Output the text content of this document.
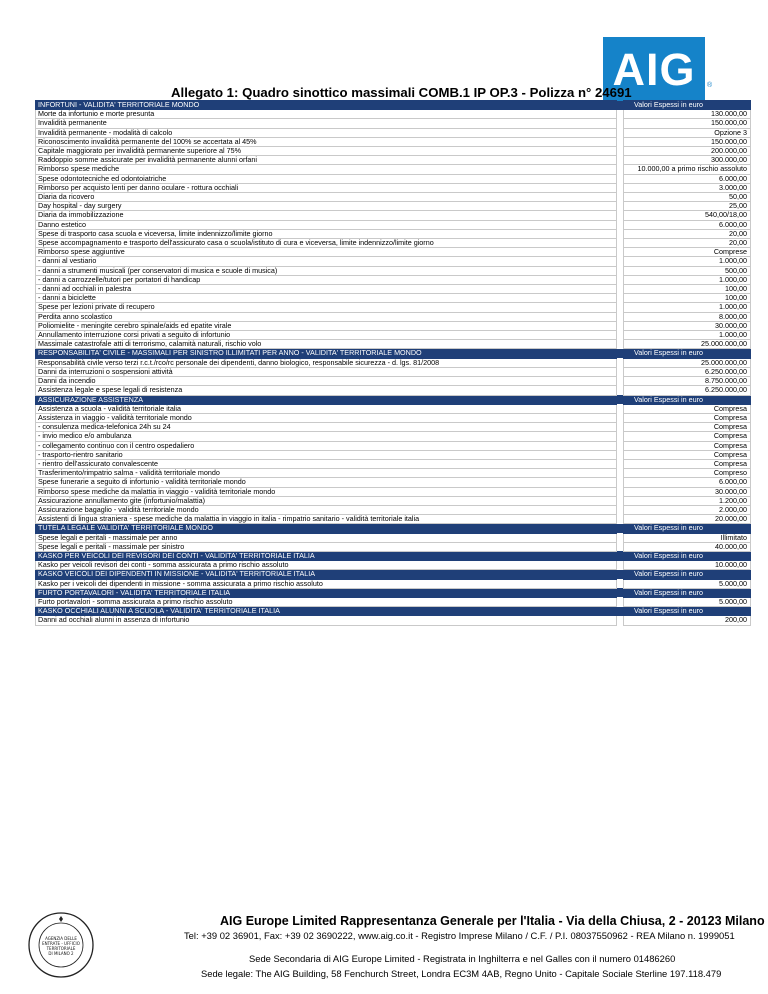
AIG ®
Allegato 1: Quadro sinottico massimali COMB.1 IP OP.3 - Polizza n° 24691
INFORTUNI - VALIDITA' TERRITORIALE MONDO		Valori Espessi in euro
Morte da infortunio e morte presunta		130.000,00
Invalidità permanente		150.000,00
Invalidità permanente - modalità di calcolo		Opzione 3
Riconoscimento invalidità permanente del 100% se accertata al 45%		150.000,00
Capitale maggiorato per invalidità permanente superiore al 75%		200.000,00
Raddoppio somme assicurate per invalidità permanente alunni orfani		300.000,00
Rimborso spese mediche		10.000,00 a primo rischio assoluto
Spese odontotecniche ed odontoiatriche		6.000,00
Rimborso per acquisto lenti per danno oculare - rottura occhiali		3.000,00
Diaria da ricovero		50,00
Day hospital - day surgery		25,00
Diaria da immobilizzazione		540,00/18,00
Danno estetico		6.000,00
Spese di trasporto casa scuola e viceversa, limite indennizzo/limite giorno		20,00
Spese accompagnamento e trasporto dell'assicurato casa o scuola/istituto di cura e viceversa, limite indennizzo/limite giorno		20,00
Rimborso spese aggiuntive		Comprese
- danni al vestiario		1.000,00
- danni a strumenti musicali (per conservatori di musica e scuole di musica)		500,00
- danni a carrozzelle/tutori per portatori di handicap		1.000,00
- danni ad occhiali in palestra		100,00
- danni a biciclette		100,00
Spese per lezioni private di recupero		1.000,00
Perdita anno scolastico		8.000,00
Poliomielite - meningite cerebro spinale/aids ed epatite virale		30.000,00
Annullamento interruzione corsi privati a seguito di infortunio		1.000,00
Massimale catastrofale atti di terrorismo, calamità naturali, rischio volo		25.000.000,00
RESPONSABILITA' CIVILE - MASSIMALI PER SINISTRO ILLIMITATI PER ANNO - VALIDITA' TERRITORIALE MONDO		Valori Espessi in euro
Responsabilità civile verso terzi r.c.t./rco/rc personale dei dipendenti, danno biologico, responsabile sicurezza - d. lgs. 81/2008		25.000.000,00
Danni da interruzioni o sospensioni attività		6.250.000,00
Danni da incendio		8.750.000,00
Assistenza legale e spese legali di resistenza		6.250.000,00
ASSICURAZIONE ASSISTENZA		Valori Espessi in euro
Assistenza a scuola - validità territoriale italia		Compresa
Assistenza in viaggio - validità territoriale mondo		Compresa
- consulenza medica-telefonica 24h su 24		Compresa
- invio medico e/o ambulanza		Compresa
- collegamento continuo con il centro ospedaliero		Compresa
- trasporto-rientro sanitario		Compresa
- rientro dell'assicurato convalescente		Compresa
Trasferimento/rimpatrio salma - validità territoriale mondo		Compreso
Spese funerarie a seguito di infortunio - validità territoriale mondo		6.000,00
Rimborso spese mediche da malattia in viaggio - validità territoriale mondo		30.000,00
Assicurazione annullamento gite (infortunio/malattia)		1.200,00
Assicurazione bagaglio - validità territoriale mondo		2.000,00
Assistenti di lingua straniera - spese mediche da malattia in viaggio in italia - rimpatrio sanitario - validità territoriale italia		20.000,00
TUTELA LEGALE VALIDITA' TERRITORIALE MONDO		Valori Espessi in euro
Spese legali e peritali - massimale per anno		Illimitato
Spese legali e peritali - massimale per sinistro		40.000,00
KASKO PER VEICOLI DEI REVISORI DEI CONTI - VALIDITA' TERRITORIALE ITALIA		Valori Espessi in euro
Kasko per veicoli revisori dei conti - somma assicurata a primo rischio assoluto		10.000,00
KASKO VEICOLI DEI DIPENDENTI IN MISSIONE - VALIDITA' TERRITORIALE ITALIA		Valori Espessi in euro
Kasko per i veicoli dei dipendenti in missione - somma assicurata a primo rischio assoluto		5.000,00
FURTO PORTAVALORI - VALIDITA' TERRITORIALE ITALIA		Valori Espessi in euro
Furto portavalori - somma assicurata a primo rischio assoluto		5.000,00
KASKO OCCHIALI ALUNNI A SCUOLA - VALIDITA' TERRITORIALE ITALIA		Valori Espessi in euro
Danni ad occhiali alunni in assenza di infortunio		200,00
AGENZIA DELLE
ENTRATE - UFFICIO
TERRITORIALE
DI MILANO 2
AIG Europe Limited Rappresentanza Generale per l'Italia - Via della Chiusa, 2 - 20123 Milano
Tel: +39 02 36901, Fax: +39 02 3690222, www.aig.co.it - Registro Imprese Milano / C.F. / P.I. 08037550962 - REA Milano n. 1999051
Sede Secondaria di AIG Europe Limited - Registrata in Inghilterra e nel Galles con il numero 01486260
Sede legale: The AIG Building, 58 Fenchurch Street, Londra EC3M 4AB, Regno Unito - Capitale Sociale Sterline 197.118.479
